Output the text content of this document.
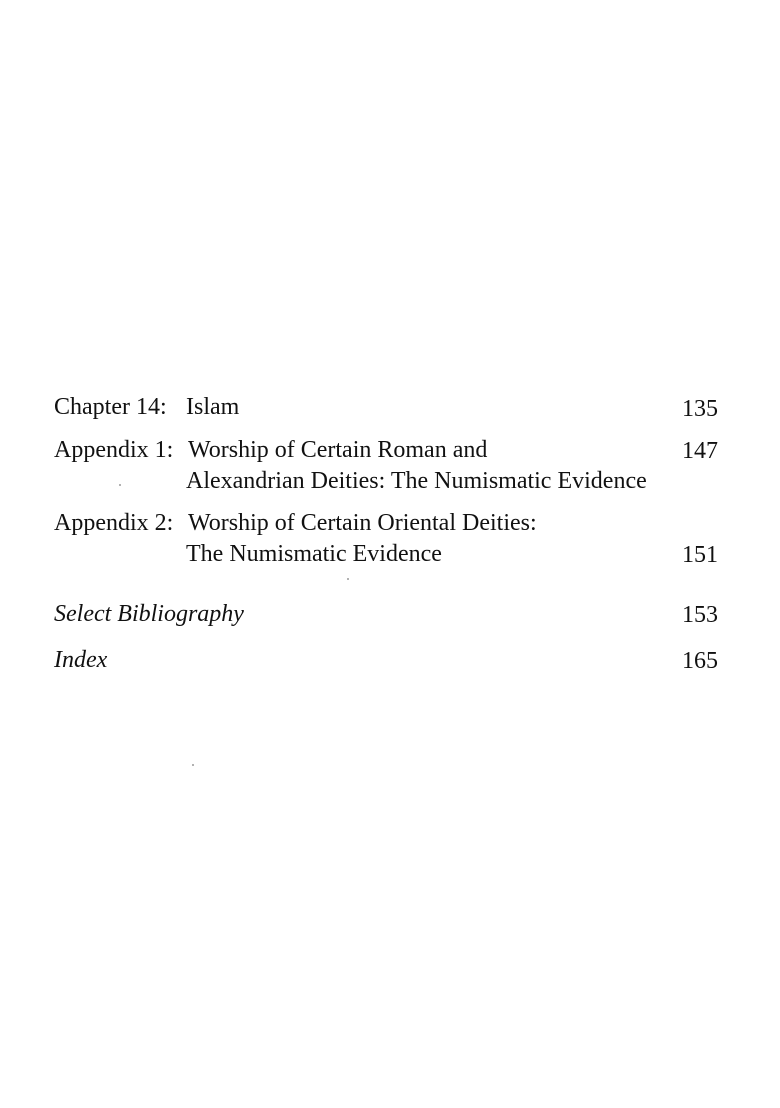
Chapter 14: Islam	135
Appendix 1: Worship of Certain Roman and	147
Alexandrian Deities: The Numismatic Evidence
Appendix 2: Worship of Certain Oriental Deities:
The Numismatic Evidence	151
Select Bibliography	153
Index	165
